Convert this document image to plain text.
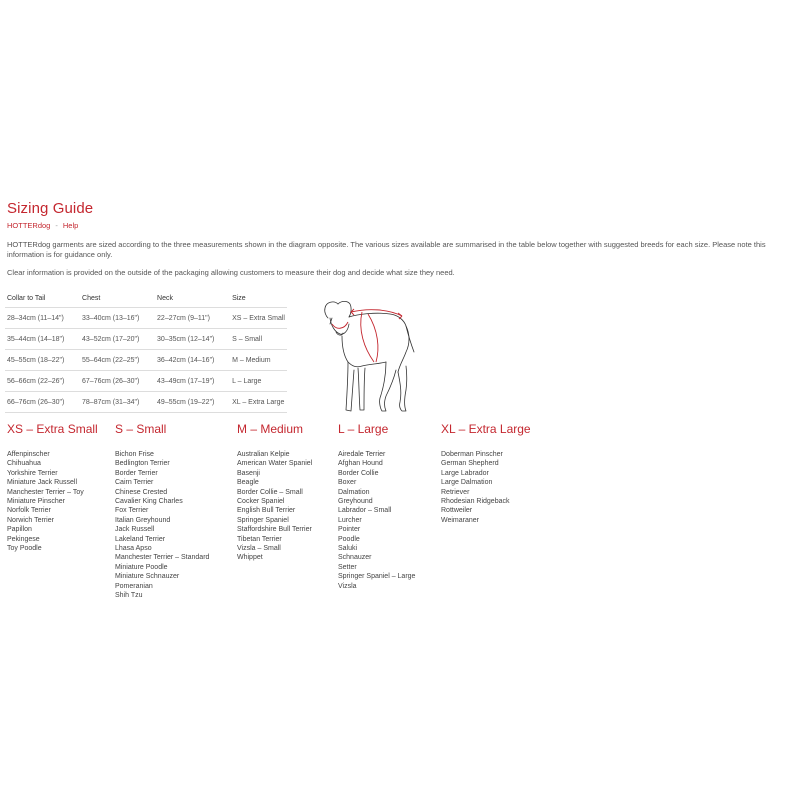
Sizing Guide
HOTTERdog - Help

HOTTERdog garments are sized according to the three measurements shown in the diagram opposite. The various sizes available are summarised in the table below together with suggested breeds for each size. Please note this information is for guidance only.

Clear information is provided on the outside of the packaging allowing customers to measure their dog and decide what size they need.

Collar to Tail	Chest	Neck	Size
28–34cm (11–14")	33–40cm (13–16")	22–27cm (9–11")	XS – Extra Small
35–44cm (14–18")	43–52cm (17–20")	30–35cm (12–14")	S – Small
45–55cm (18–22")	55–64cm (22–25")	36–42cm (14–16")	M – Medium
56–66cm (22–26")	67–76cm (26–30")	43–49cm (17–19")	L – Large
66–76cm (26–30")	78–87cm (31–34")	49–55cm (19–22")	XL – Extra Large
XS – Extra Small
Affenpinscher
Chihuahua
Yorkshire Terrier
Miniature Jack Russell
Manchester Terrier – Toy
Miniature Pinscher
Norfolk Terrier
Norwich Terrier
Papillon
Pekingese
Toy Poodle
S – Small
Bichon Frise
Bedlington Terrier
Border Terrier
Cairn Terrier
Chinese Crested
Cavalier King Charles
Fox Terrier
Italian Greyhound
Jack Russell
Lakeland Terrier
Lhasa Apso
Manchester Terrier – Standard
Miniature Poodle
Miniature Schnauzer
Pomeranian
Shih Tzu
M – Medium
Australian Kelpie
American Water Spaniel
Basenji
Beagle
Border Collie – Small
Cocker Spaniel
English Bull Terrier
Springer Spaniel
Staffordshire Bull Terrier
Tibetan Terrier
Vizsla – Small
Whippet
L – Large
Airedale Terrier
Afghan Hound
Border Collie
Boxer
Dalmation
Greyhound
Labrador – Small
Lurcher
Pointer
Poodle
Saluki
Schnauzer
Setter
Springer Spaniel – Large
Vizsla
XL – Extra Large
Doberman Pinscher
German Shepherd
Large Labrador
Large Dalmation
Retriever
Rhodesian Ridgeback
Rottweiler
Weimaraner
